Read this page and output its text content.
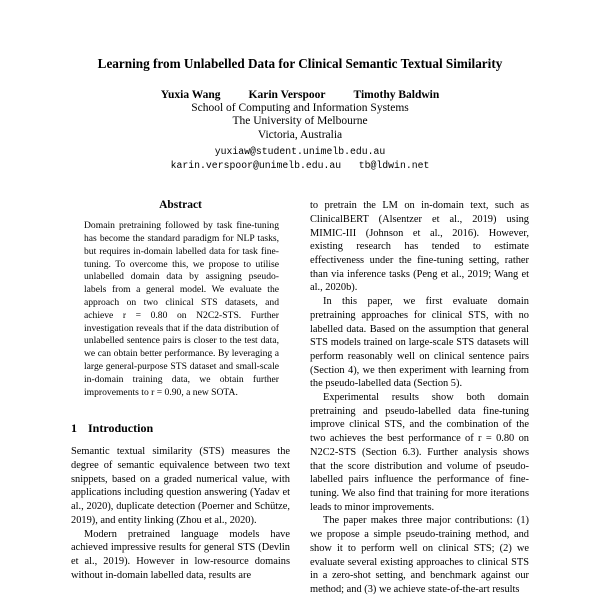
Learning from Unlabelled Data for Clinical Semantic Textual Similarity
Yuxia Wang Karin Verspoor Timothy Baldwin
School of Computing and Information Systems
The University of Melbourne
Victoria, Australia
yuxiaw@student.unimelb.edu.au
karin.verspoor@unimelb.edu.au   tb@ldwin.net
Abstract

Domain pretraining followed by task fine-tuning has become the standard paradigm for NLP tasks, but requires in-domain labelled data for task fine-tuning. To overcome this, we propose to utilise unlabelled domain data by assigning pseudo-labels from a general model. We evaluate the approach on two clinical STS datasets, and achieve r = 0.80 on N2C2-STS. Further investigation reveals that if the data distribution of unlabelled sentence pairs is closer to the test data, we can obtain better performance. By leveraging a large general-purpose STS dataset and small-scale in-domain training data, we obtain further improvements to r = 0.90, a new SOTA.

1 Introduction

Semantic textual similarity (STS) measures the degree of semantic equivalence between two text snippets, based on a graded numerical value, with applications including question answering (Yadav et al., 2020), duplicate detection (Poerner and Schütze, 2019), and entity linking (Zhou et al., 2020).

Modern pretrained language models have achieved impressive results for general STS (Devlin et al., 2019). However in low-resource domains without in-domain labelled data, results are

to pretrain the LM on in-domain text, such as ClinicalBERT (Alsentzer et al., 2019) using MIMIC-III (Johnson et al., 2016). However, existing research has tended to estimate effectiveness under the fine-tuning setting, rather than via inference tasks (Peng et al., 2019; Wang et al., 2020b).

In this paper, we first evaluate domain pretraining approaches for clinical STS, with no labelled data. Based on the assumption that general STS models trained on large-scale STS datasets will perform reasonably well on clinical sentence pairs (Section 4), we then experiment with learning from the pseudo-labelled data (Section 5).

Experimental results show both domain pretraining and pseudo-labelled data fine-tuning improve clinical STS, and the combination of the two achieves the best performance of r = 0.80 on N2C2-STS (Section 6.3). Further analysis shows that the score distribution and volume of pseudo-labelled pairs influence the performance of fine-tuning. We also find that training for more iterations leads to minor improvements.

The paper makes three major contributions: (1) we propose a simple pseudo-training method, and show it to perform well on clinical STS; (2) we evaluate several existing approaches to clinical STS in a zero-shot setting, and benchmark against our method; and (3) we achieve state-of-the-art results
